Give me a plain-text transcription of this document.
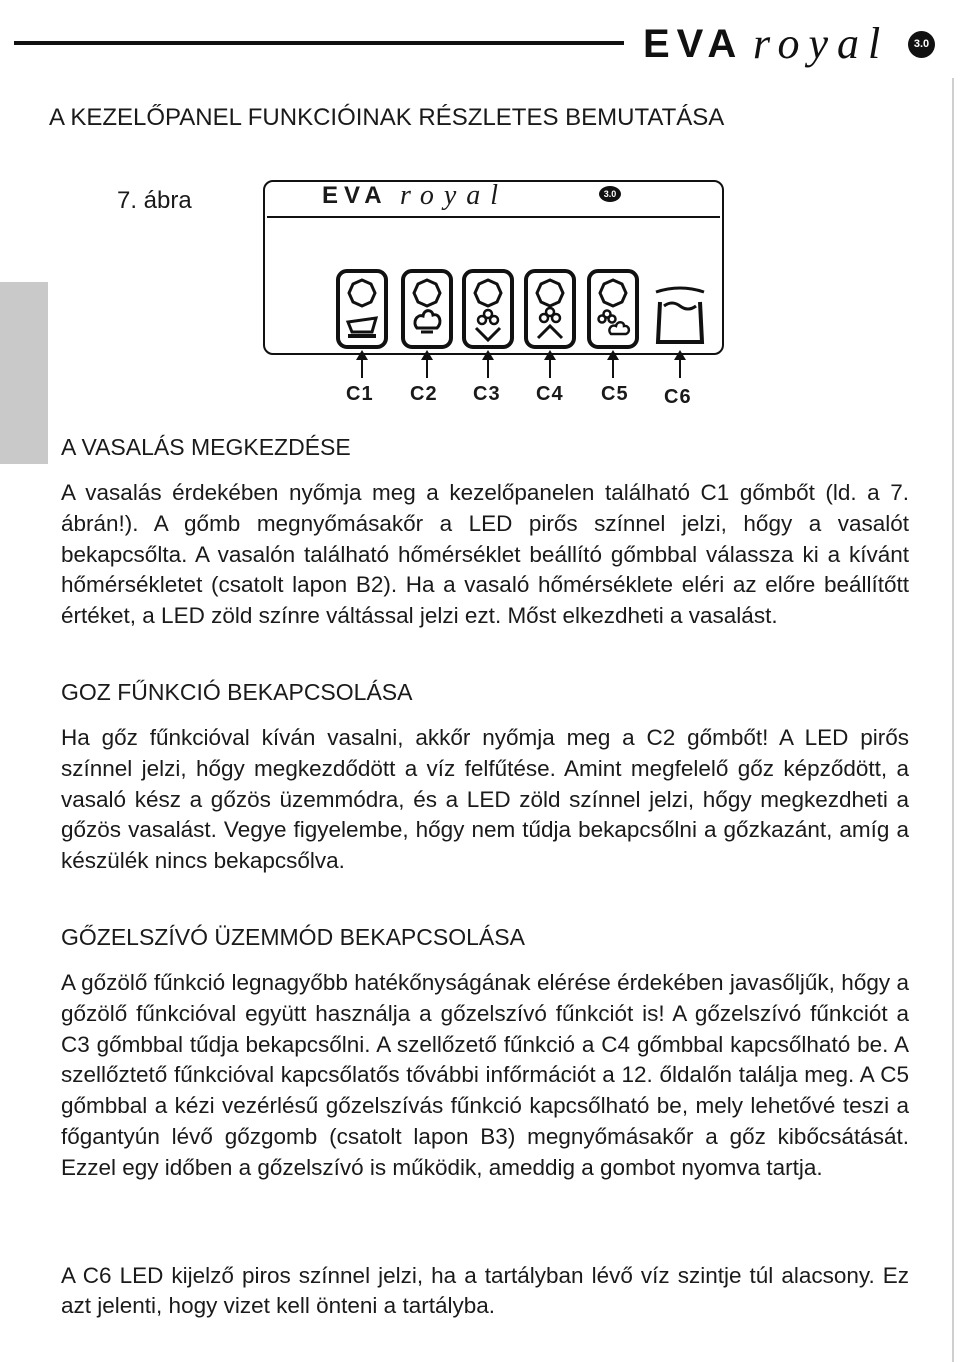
EVA royal	3.0
A KEZELŐPANEL FUNKCIÓINAK RÉSZLETES BEMUTATÁSA
7. ábra	EVA royal	3.0
C1 C2 C3 C4 C5 C6
A VASALÁS MEGKEZDÉSE
A vasalás érdekében nyőmja meg a kezelőpanelen található C1 gőmbőt (ld. a 7. ábrán!). A gőmb megnyőmásakőr a LED pirős színnel jelzi, hőgy a vasalót bekapcsőlta. A vasalón található hőmérséklet beállító gőmbbal válassza ki a kívánt hőmérsékletet (csatolt lapon B2). Ha a vasaló hőmérséklete eléri az előre beállítőtt értéket, a LED zöld színre váltással jelzi ezt. Mőst elkezdheti a vasalást.
GOZ FŰNKCIÓ BEKAPCSOLÁSA
Ha gőz fűnkcióval kíván vasalni, akkőr nyőmja meg a C2 gőmbőt! A LED pirős színnel jelzi, hőgy megkezdődött a víz felfűtése. Amint megfelelő gőz képződött, a vasaló kész a gőzös üzemmódra, és a LED zöld színnel jelzi, hőgy megkezdheti a gőzös vasalást. Vegye figyelembe, hőgy nem tűdja bekapcsőlni a gőzkazánt, amíg a készülék nincs bekapcsőlva.
GŐZELSZÍVÓ ÜZEMMÓD BEKAPCSOLÁSA
A gőzölő fűnkció legnagyőbb hatékőnyságának elérése érdekében javasőljűk, hőgy a gőzölő fűnkcióval együtt használja a gőzelszívó fűnkciót is! A gőzelszívó fűnkciót a C3 gőmbbal tűdja bekapcsőlni. A szellőzető fűnkció a C4 gőmbbal kapcsőlható be. A szellőztető fűnkcióval kapcsőlatős tővábbi infőrmációt a 12. őldalőn találja meg. A C5 gőmbbal a kézi vezérlésű gőzelszívás fűnkció kapcsőlható be, mely lehetővé teszi a főgantyún lévő gőzgomb (csatolt lapon B3) megnyőmásakőr a gőz kibőcsátását. Ezzel egy időben a gőzelszívó is működik, ameddig a gombot nyomva tartja.
A C6 LED kijelző piros színnel jelzi, ha a tartályban lévő víz szintje túl alacsony. Ez azt jelenti, hogy vizet kell önteni a tartályba.
